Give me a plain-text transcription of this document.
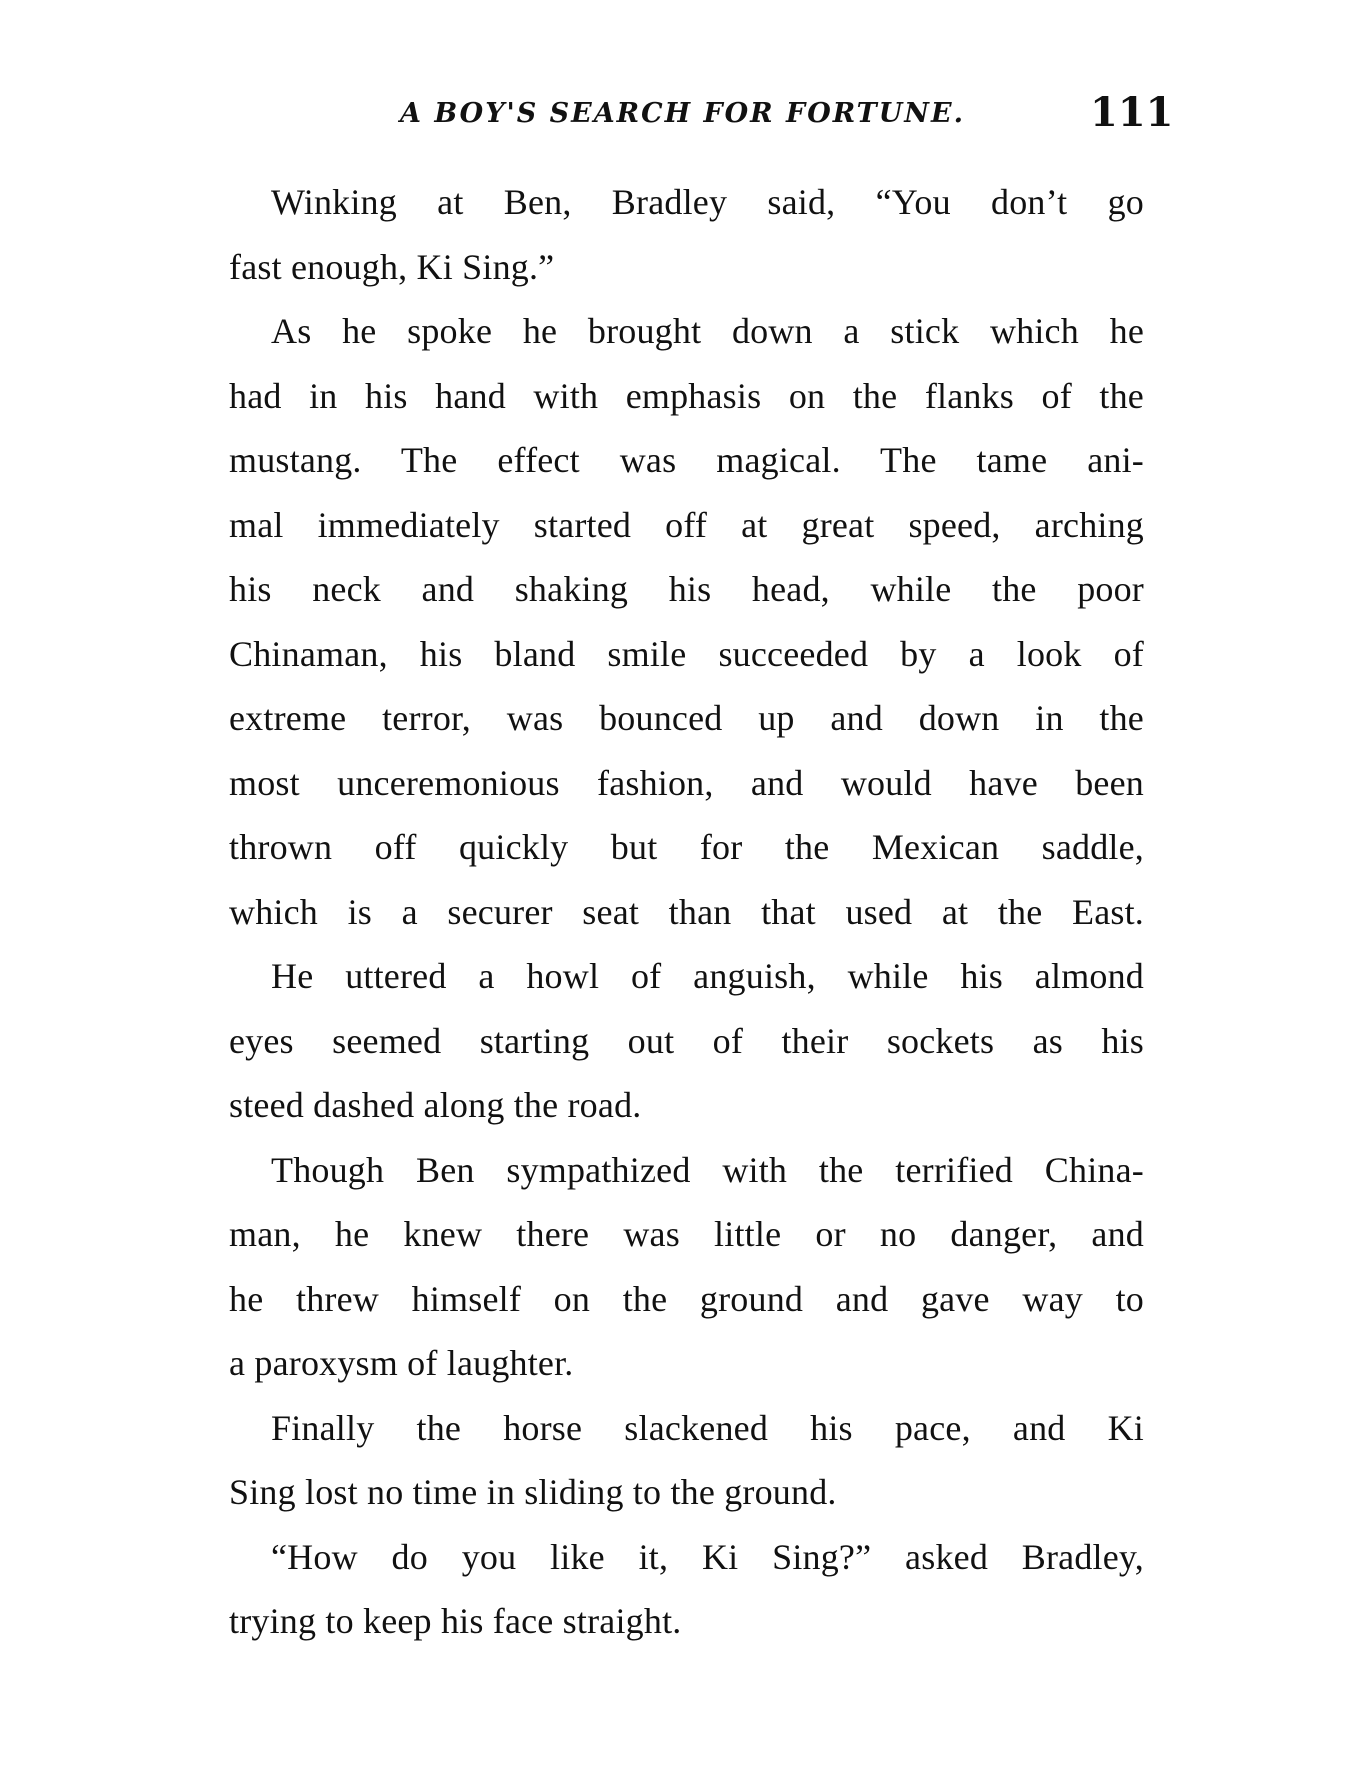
A BOY'S SEARCH FOR FORTUNE.	111

Winking at Ben, Bradley said, “You don’t go
fast enough, Ki Sing.”

As he spoke he brought down a stick which he
had in his hand with emphasis on the flanks of the
mustang. The effect was magical. The tame ani-
mal immediately started off at great speed, arching
his neck and shaking his head, while the poor
Chinaman, his bland smile succeeded by a look of
extreme terror, was bounced up and down in the
most unceremonious fashion, and would have been
thrown off quickly but for the Mexican saddle,
which is a securer seat than that used at the East.

He uttered a howl of anguish, while his almond
eyes seemed starting out of their sockets as his
steed dashed along the road.

Though Ben sympathized with the terrified China-
man, he knew there was little or no danger, and
he threw himself on the ground and gave way to
a paroxysm of laughter.

Finally the horse slackened his pace, and Ki
Sing lost no time in sliding to the ground.

“How do you like it, Ki Sing?” asked Bradley,
trying to keep his face straight.
